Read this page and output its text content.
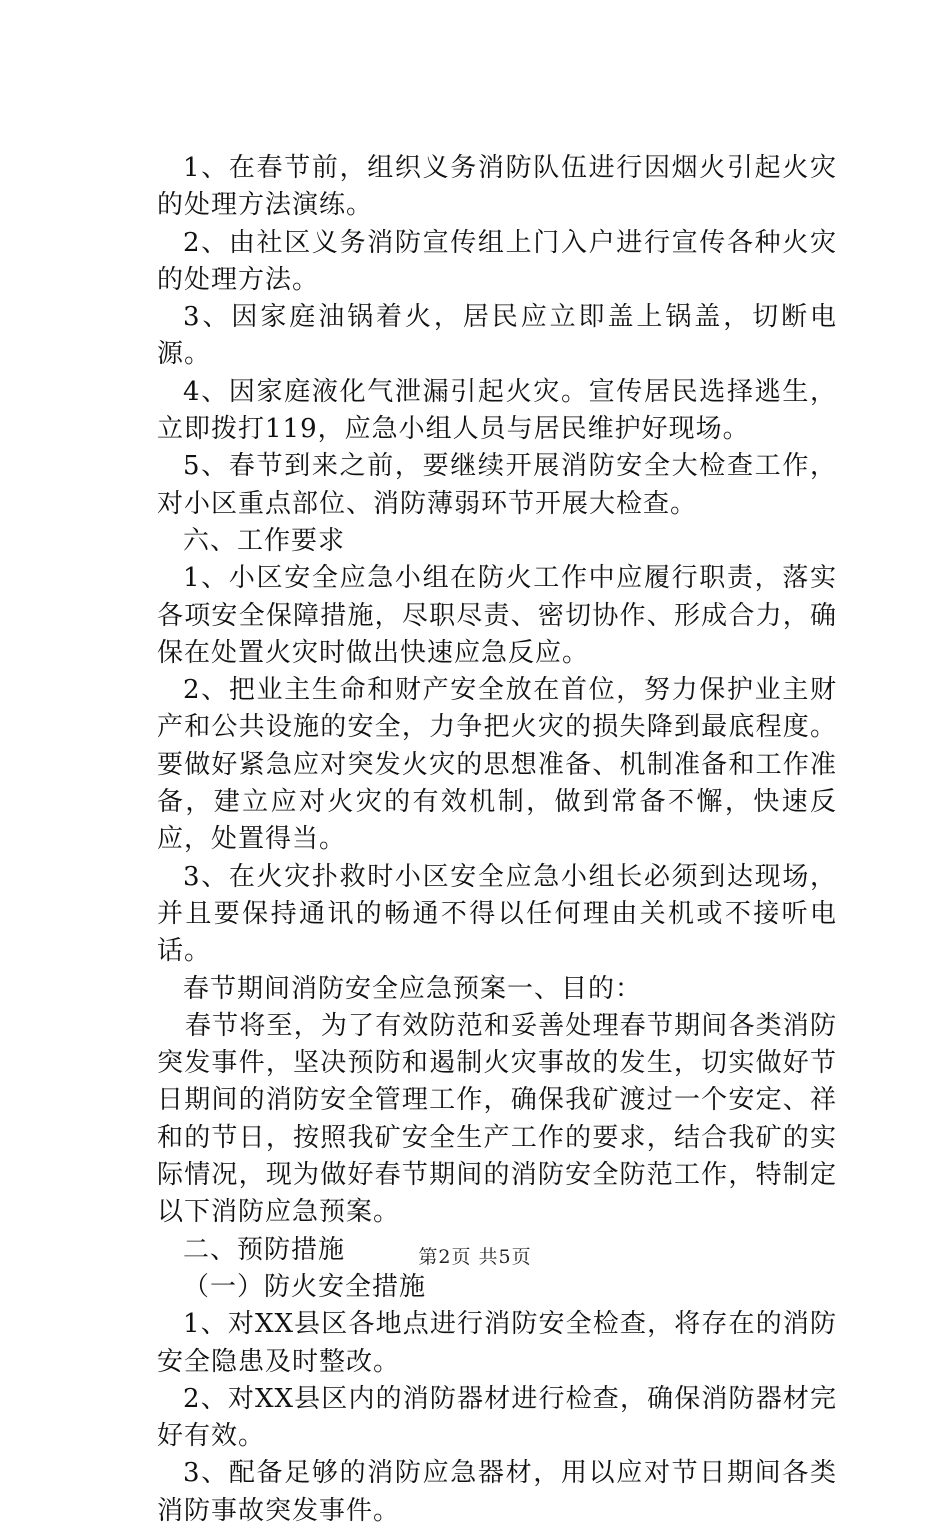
1、在春节前，组织义务消防队伍进行因烟火引起火灾的处理方法演练。

2、由社区义务消防宣传组上门入户进行宣传各种火灾的处理方法。

3、因家庭油锅着火，居民应立即盖上锅盖，切断电源。

4、因家庭液化气泄漏引起火灾。宣传居民选择逃生，立即拨打119，应急小组人员与居民维护好现场。

5、春节到来之前，要继续开展消防安全大检查工作，对小区重点部位、消防薄弱环节开展大检查。

六、工作要求

1、小区安全应急小组在防火工作中应履行职责，落实各项安全保障措施，尽职尽责、密切协作、形成合力，确保在处置火灾时做出快速应急反应。

2、把业主生命和财产安全放在首位，努力保护业主财产和公共设施的安全，力争把火灾的损失降到最底程度。要做好紧急应对突发火灾的思想准备、机制准备和工作准备，建立应对火灾的有效机制，做到常备不懈，快速反应，处置得当。

3、在火灾扑救时小区安全应急小组长必须到达现场，并且要保持通讯的畅通不得以任何理由关机或不接听电话。

春节期间消防安全应急预案一、目的：

春节将至，为了有效防范和妥善处理春节期间各类消防突发事件，坚决预防和遏制火灾事故的发生，切实做好节日期间的消防安全管理工作，确保我矿渡过一个安定、祥和的节日，按照我矿安全生产工作的要求，结合我矿的实际情况，现为做好春节期间的消防安全防范工作，特制定以下消防应急预案。

二、预防措施

（一）防火安全措施

1、对XX县区各地点进行消防安全检查，将存在的消防安全隐患及时整改。

2、对XX县区内的消防器材进行检查，确保消防器材完好有效。

3、配备足够的消防应急器材，用以应对节日期间各类消防事故突发事件。

第2页 共5页
